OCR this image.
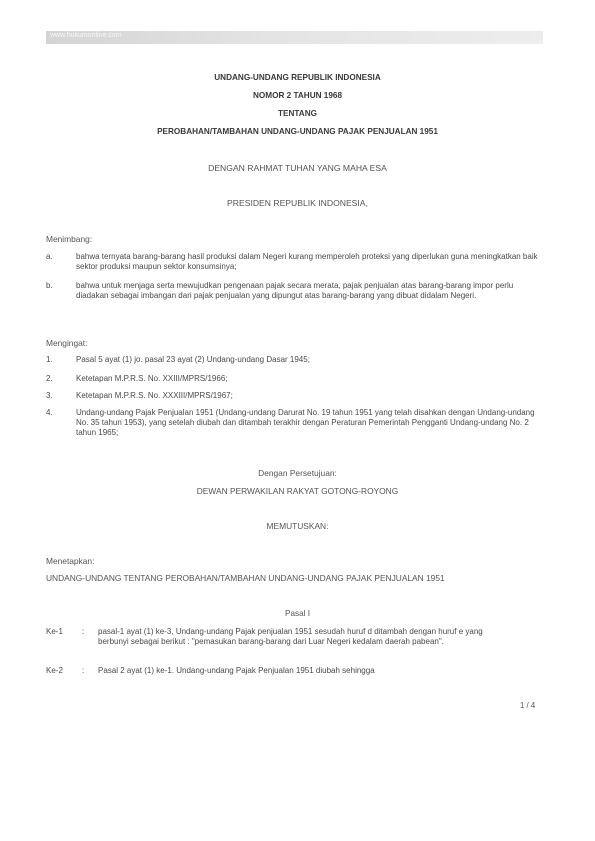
www.hukumonline.com
UNDANG-UNDANG REPUBLIK INDONESIA
NOMOR 2 TAHUN 1968
TENTANG
PEROBAHAN/TAMBAHAN UNDANG-UNDANG PAJAK PENJUALAN 1951
DENGAN RAHMAT TUHAN YANG MAHA ESA
PRESIDEN REPUBLIK INDONESIA,
Menimbang:
a.	bahwa ternyata barang-barang hasil produksi dalam Negeri kurang memperoleh proteksi yang diperlukan guna meningkatkan baik sektor produksi maupun sektor konsumsinya;
b.	bahwa untuk menjaga serta mewujudkan pengenaan pajak secara merata, pajak penjualan atas barang-barang impor perlu diadakan sebagai imbangan dari pajak penjualan yang dipungut atas barang-barang yang dibuat didalam Negeri.
Mengingat:
1.	Pasal 5 ayat (1) jo. pasal 23 ayat (2) Undang-undang Dasar 1945;
2.	Ketetapan M.P.R.S. No. XXIII/MPRS/1966;
3.	Ketetapan M.P.R.S. No. XXXIII/MPRS/1967;
4.	Undang-undang Pajak Penjualan 1951 (Undang-undang Darurat No. 19 tahun 1951 yang telah disahkan dengan Undang-undang No. 35 tahun 1953), yang setelah diubah dan ditambah terakhir dengan Peraturan Pemerintah Pengganti Undang-undang No. 2 tahun 1965;
Dengan Persetujuan:
DEWAN PERWAKILAN RAKYAT GOTONG-ROYONG
MEMUTUSKAN:
Menetapkan:
UNDANG-UNDANG TENTANG PEROBAHAN/TAMBAHAN UNDANG-UNDANG PAJAK PENJUALAN 1951
Pasal I
Ke-1 : pasal-1 ayat (1) ke-3, Undang-undang Pajak penjualan 1951 sesudah huruf d ditambah dengan huruf e yang berbunyi sebagai berikut : "pemasukan barang-barang dari Luar Negeri kedalam daerah pabean".
Ke-2 : Pasal 2 ayat (1) ke-1. Undang-undang Pajak Penjualan 1951 diubah sehingga
1 / 4
